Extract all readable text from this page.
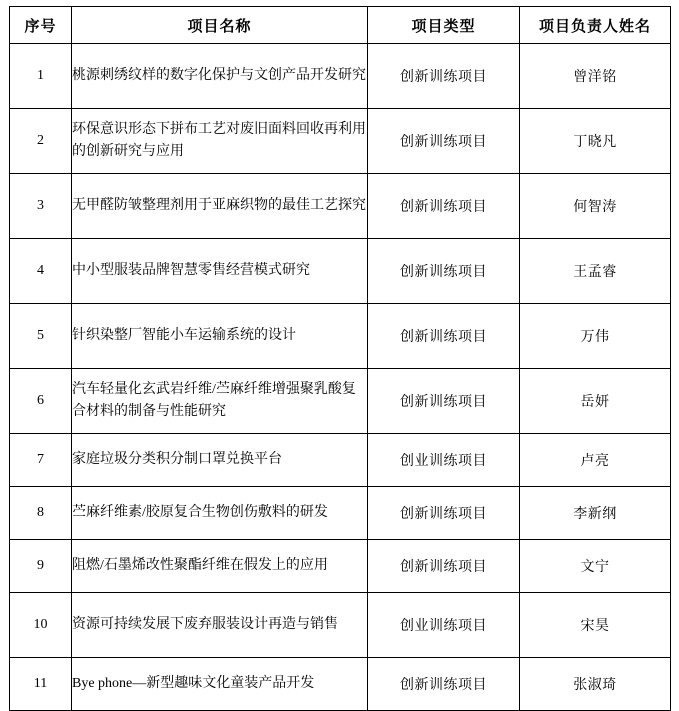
序号	项目名称	项目类型	项目负责人姓名
1	桃源刺绣纹样的数字化保护与文创产品开发研究	创新训练项目	曾洋铭
2	环保意识形态下拼布工艺对废旧面料回收再利用的创新研究与应用	创新训练项目	丁晓凡
3	无甲醛防皱整理剂用于亚麻织物的最佳工艺探究	创新训练项目	何智涛
4	中小型服装品牌智慧零售经营模式研究	创新训练项目	王孟睿
5	针织染整厂智能小车运输系统的设计	创新训练项目	万伟
6	汽车轻量化玄武岩纤维/苎麻纤维增强聚乳酸复合材料的制备与性能研究	创新训练项目	岳妍
7	家庭垃圾分类积分制口罩兑换平台	创业训练项目	卢亮
8	苎麻纤维素/胶原复合生物创伤敷料的研发	创新训练项目	李新纲
9	阻燃/石墨烯改性聚酯纤维在假发上的应用	创新训练项目	文宁
10	资源可持续发展下废弃服装设计再造与销售	创业训练项目	宋昊
11	Bye phone—新型趣味文化童装产品开发	创新训练项目	张淑琦
